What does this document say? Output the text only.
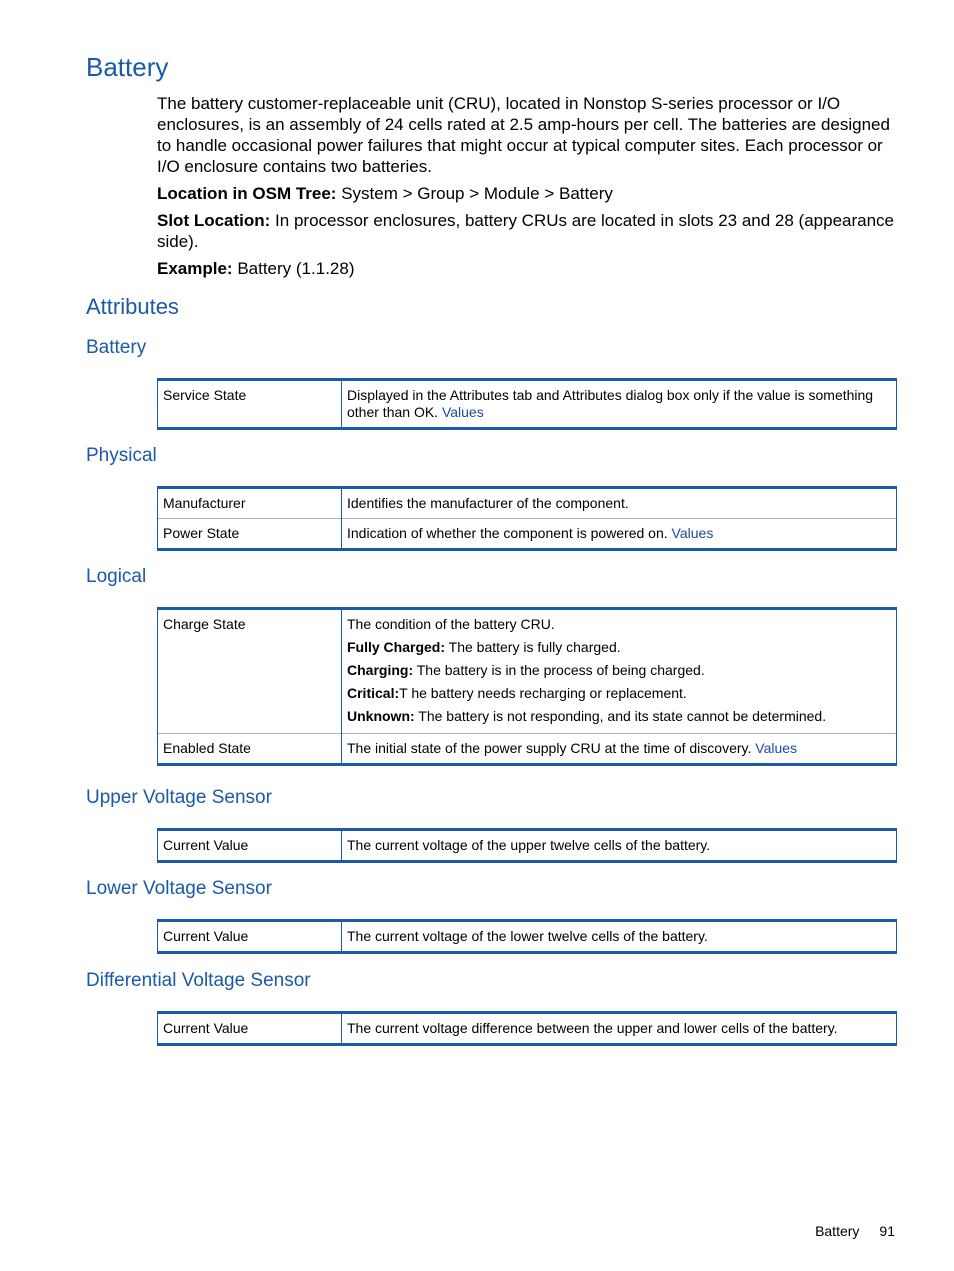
Battery

The battery customer-replaceable unit (CRU), located in Nonstop S-series processor or I/O enclosures, is an assembly of 24 cells rated at 2.5 amp-hours per cell. The batteries are designed to handle occasional power failures that might occur at typical computer sites. Each processor or I/O enclosure contains two batteries.

Location in OSM Tree: System > Group > Module > Battery

Slot Location: In processor enclosures, battery CRUs are located in slots 23 and 28 (appearance side).

Example: Battery (1.1.28)

Attributes
Battery
Service State	Displayed in the Attributes tab and Attributes dialog box only if the value is something other than OK. Values
Physical
Manufacturer	Identifies the manufacturer of the component.
Power State	Indication of whether the component is powered on. Values
Logical
Charge State	The condition of the battery CRU.
Fully Charged: The battery is fully charged.
Charging: The battery is in the process of being charged.
Critical:T he battery needs recharging or replacement.
Unknown: The battery is not responding, and its state cannot be determined.

Enabled State	The initial state of the power supply CRU at the time of discovery. Values
Upper Voltage Sensor
Current Value	The current voltage of the upper twelve cells of the battery.
Lower Voltage Sensor
Current Value	The current voltage of the lower twelve cells of the battery.
Differential Voltage Sensor
Current Value	The current voltage difference between the upper and lower cells of the battery.
Battery 91
